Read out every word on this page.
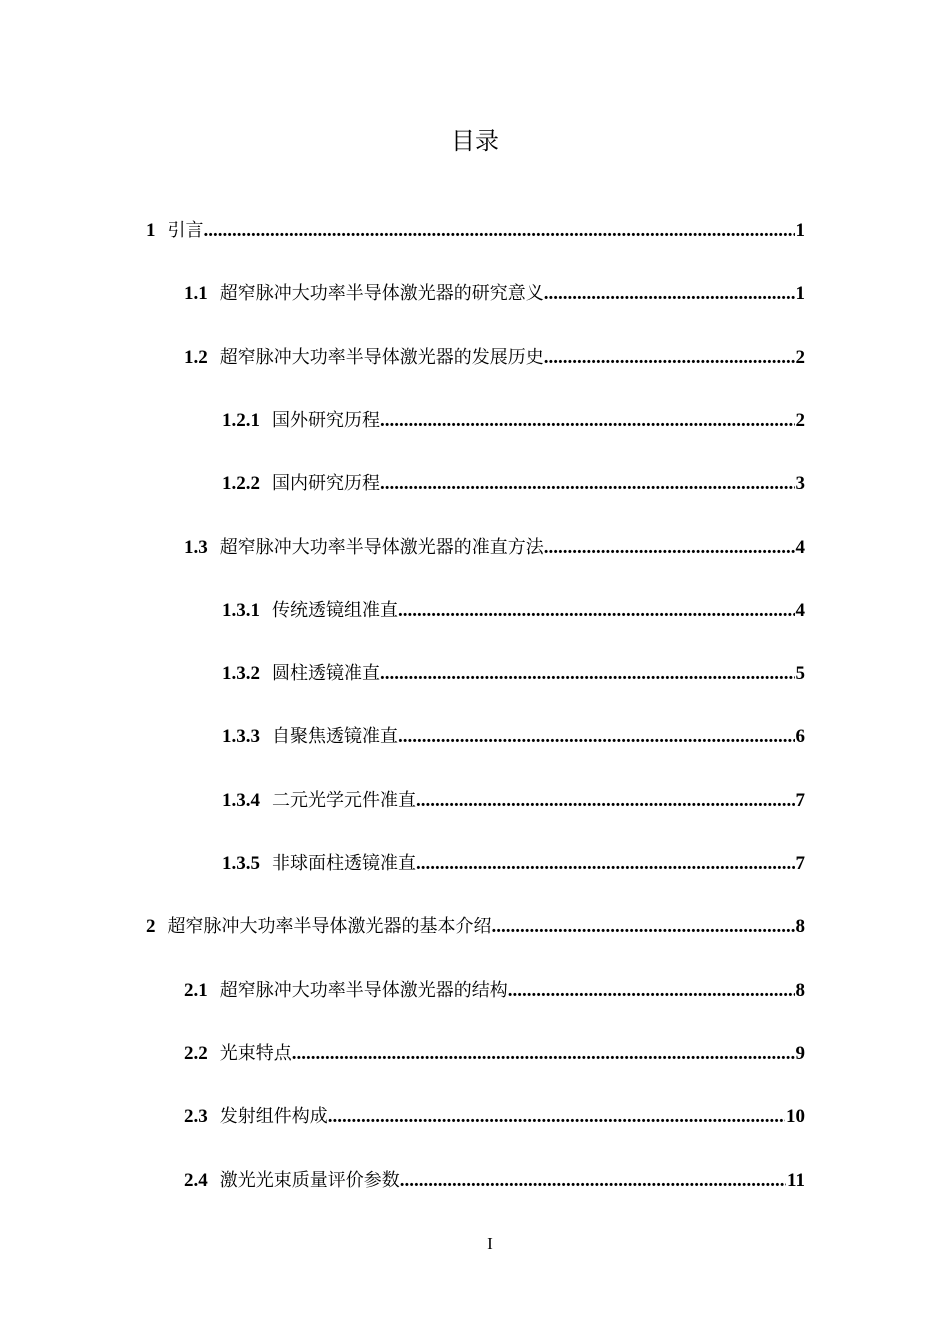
目录
1 引言 .....	1
1.1 超窄脉冲大功率半导体激光器的研究意义 .....	1
1.2 超窄脉冲大功率半导体激光器的发展历史 .....	2
1.2.1 国外研究历程 .....	2
1.2.2 国内研究历程 .....	3
1.3 超窄脉冲大功率半导体激光器的准直方法 .....	4
1.3.1 传统透镜组准直 .....	4
1.3.2 圆柱透镜准直 .....	5
1.3.3 自聚焦透镜准直 .....	6
1.3.4 二元光学元件准直 .....	7
1.3.5 非球面柱透镜准直 .....	7
2 超窄脉冲大功率半导体激光器的基本介绍 .....	8
2.1 超窄脉冲大功率半导体激光器的结构 .....	8
2.2 光束特点 .....	9
2.3 发射组件构成 .....	10
2.4 激光光束质量评价参数 .....	11
I
